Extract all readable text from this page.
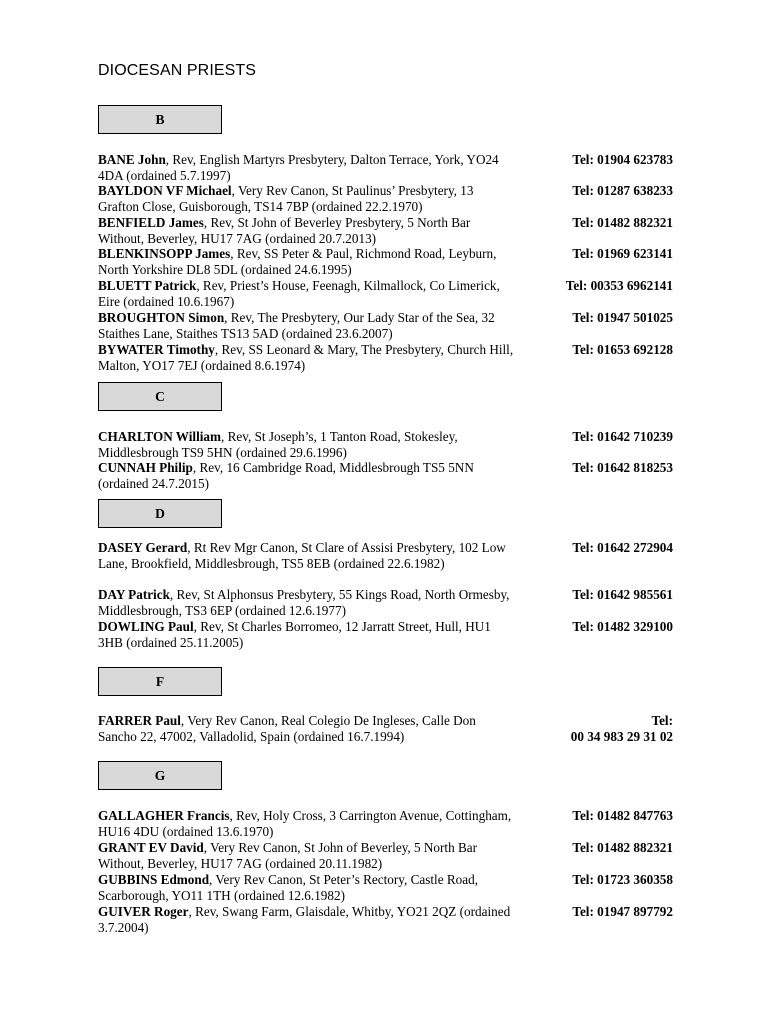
DIOCESAN PRIESTS
B
BANE John, Rev, English Martyrs Presbytery, Dalton Terrace, York, YO24 4DA (ordained 5.7.1997)
Tel: 01904 623783
BAYLDON VF Michael, Very Rev Canon, St Paulinus’ Presbytery, 13 Grafton Close, Guisborough, TS14 7BP (ordained 22.2.1970)
Tel: 01287 638233
BENFIELD James, Rev, St John of Beverley Presbytery, 5 North Bar Without, Beverley, HU17 7AG (ordained 20.7.2013)
Tel: 01482 882321
BLENKINSOPP James, Rev, SS Peter & Paul, Richmond Road, Leyburn, North Yorkshire DL8 5DL (ordained 24.6.1995)
Tel: 01969 623141
BLUETT Patrick, Rev, Priest’s House, Feenagh, Kilmallock, Co Limerick, Eire (ordained 10.6.1967)
Tel: 00353 6962141
BROUGHTON Simon, Rev, The Presbytery, Our Lady Star of the Sea, 32 Staithes Lane, Staithes TS13 5AD (ordained 23.6.2007)
Tel: 01947 501025
BYWATER Timothy, Rev, SS Leonard & Mary, The Presbytery, Church Hill, Malton, YO17 7EJ (ordained 8.6.1974)
Tel: 01653 692128
C
CHARLTON William, Rev, St Joseph’s, 1 Tanton Road, Stokesley, Middlesbrough TS9 5HN (ordained 29.6.1996)
Tel: 01642 710239
CUNNAH Philip, Rev, 16 Cambridge Road, Middlesbrough TS5 5NN (ordained 24.7.2015)
Tel: 01642 818253
D
DASEY Gerard, Rt Rev Mgr Canon, St Clare of Assisi Presbytery, 102 Low Lane, Brookfield, Middlesbrough, TS5 8EB (ordained 22.6.1982)
Tel: 01642 272904
DAY Patrick, Rev, St Alphonsus Presbytery, 55 Kings Road, North Ormesby, Middlesbrough, TS3 6EP (ordained 12.6.1977)
Tel: 01642 985561
DOWLING Paul, Rev, St Charles Borromeo, 12 Jarratt Street, Hull, HU1 3HB (ordained 25.11.2005)
Tel: 01482 329100
F
FARRER Paul, Very Rev Canon, Real Colegio De Ingleses, Calle Don Sancho 22, 47002, Valladolid, Spain (ordained 16.7.1994)
Tel:
00 34 983 29 31 02
G
GALLAGHER Francis, Rev, Holy Cross, 3 Carrington Avenue, Cottingham, HU16 4DU (ordained 13.6.1970)
Tel: 01482 847763
GRANT EV David, Very Rev Canon, St John of Beverley, 5 North Bar Without, Beverley, HU17 7AG (ordained 20.11.1982)
Tel: 01482 882321
GUBBINS Edmond, Very Rev Canon, St Peter’s Rectory, Castle Road, Scarborough, YO11 1TH (ordained 12.6.1982)
Tel: 01723 360358
GUIVER Roger, Rev, Swang Farm, Glaisdale, Whitby, YO21 2QZ (ordained 3.7.2004)
Tel: 01947 897792
